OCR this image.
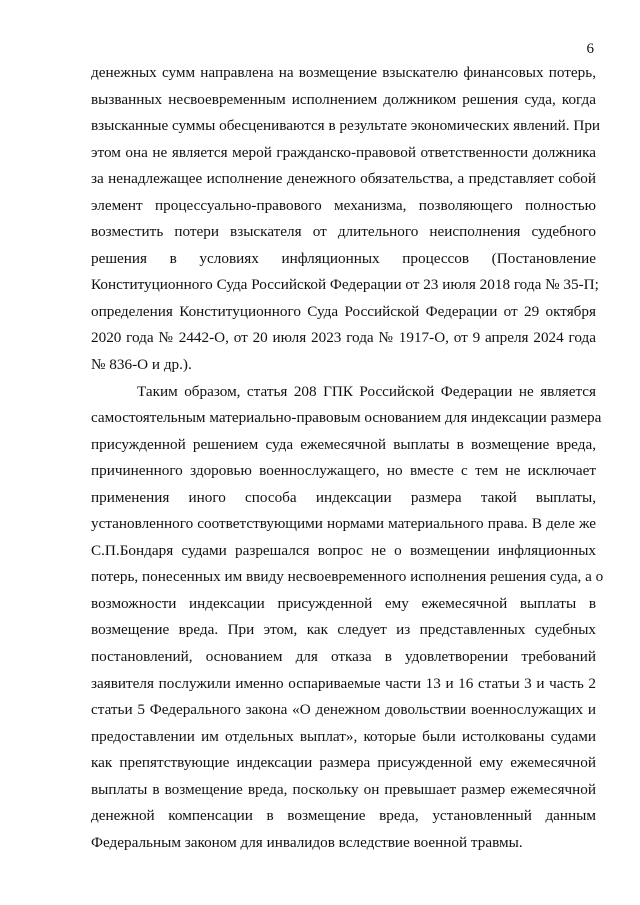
6
денежных сумм направлена на возмещение взыскателю финансовых потерь,
вызванных несвоевременным исполнением должником решения суда, когда
взысканные суммы обесцениваются в результате экономических явлений. При
этом она не является мерой гражданско-правовой ответственности должника
за ненадлежащее исполнение денежного обязательства, а представляет собой
элемент процессуально-правового механизма, позволяющего полностью
возместить потери взыскателя от длительного неисполнения судебного
решения в условиях инфляционных процессов (Постановление
Конституционного Суда Российской Федерации от 23 июля 2018 года № 35-П;
определения Конституционного Суда Российской Федерации от 29 октября
2020 года № 2442-О, от 20 июля 2023 года № 1917-О, от 9 апреля 2024 года
№ 836-О и др.).
Таким образом, статья 208 ГПК Российской Федерации не является
самостоятельным материально-правовым основанием для индексации размера
присужденной решением суда ежемесячной выплаты в возмещение вреда,
причиненного здоровью военнослужащего, но вместе с тем не исключает
применения иного способа индексации размера такой выплаты,
установленного соответствующими нормами материального права. В деле же
С.П.Бондаря судами разрешался вопрос не о возмещении инфляционных
потерь, понесенных им ввиду несвоевременного исполнения решения суда, а о
возможности индексации присужденной ему ежемесячной выплаты в
возмещение вреда. При этом, как следует из представленных судебных
постановлений, основанием для отказа в удовлетворении требований
заявителя послужили именно оспариваемые части 13 и 16 статьи 3 и часть 2
статьи 5 Федерального закона «О денежном довольствии военнослужащих и
предоставлении им отдельных выплат», которые были истолкованы судами
как препятствующие индексации размера присужденной ему ежемесячной
выплаты в возмещение вреда, поскольку он превышает размер ежемесячной
денежной компенсации в возмещение вреда, установленный данным
Федеральным законом для инвалидов вследствие военной травмы.
